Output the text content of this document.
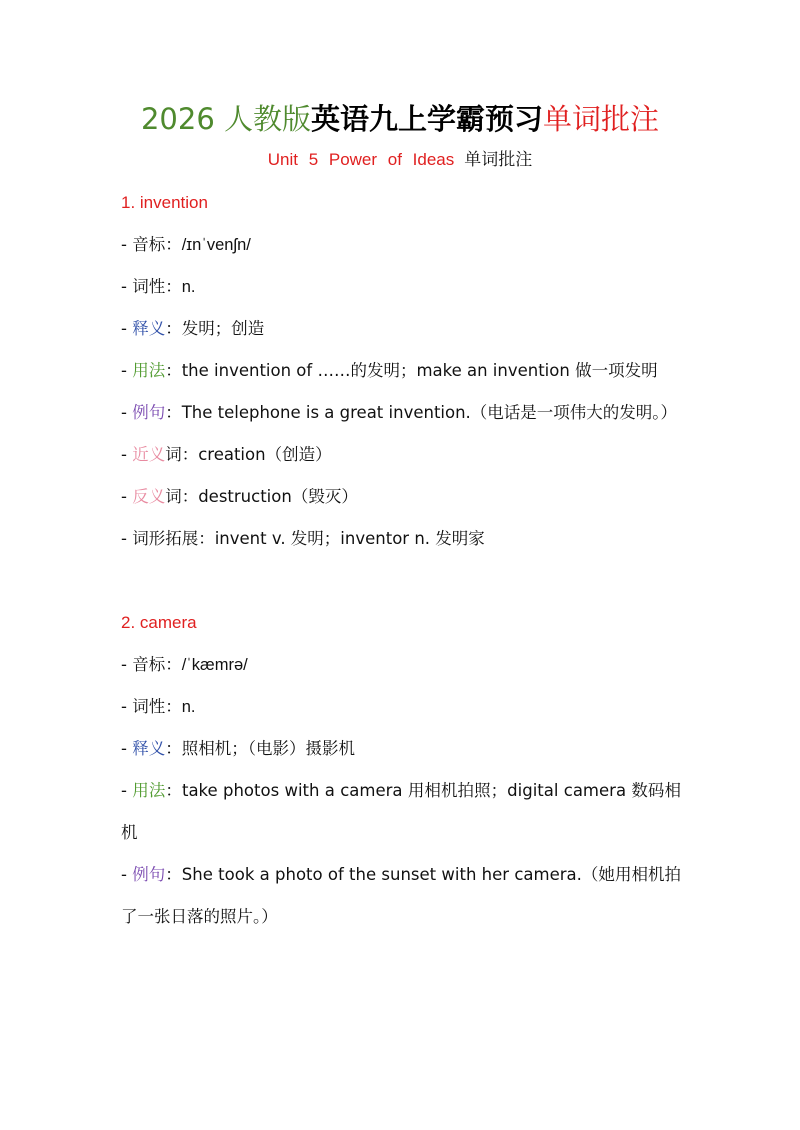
2026 人教版英语九上学霸预习单词批注
Unit 5 Power of Ideas 单词批注
1. invention
- 音标：/ɪnˈvenʃn/
- 词性：n.
- 释义：发明；创造
- 用法：the invention of ……的发明；make an invention 做一项发明
- 例句：The telephone is a great invention.（电话是一项伟大的发明。）
- 近义词：creation（创造）
- 反义词：destruction（毁灭）
- 词形拓展：invent v. 发明；inventor n. 发明家
2. camera
- 音标：/ˈkæmrə/
- 词性：n.
- 释义：照相机；（电影）摄影机
- 用法：take photos with a camera 用相机拍照；digital camera 数码相机
- 例句：She took a photo of the sunset with her camera.（她用相机拍了一张日落的照片。）
